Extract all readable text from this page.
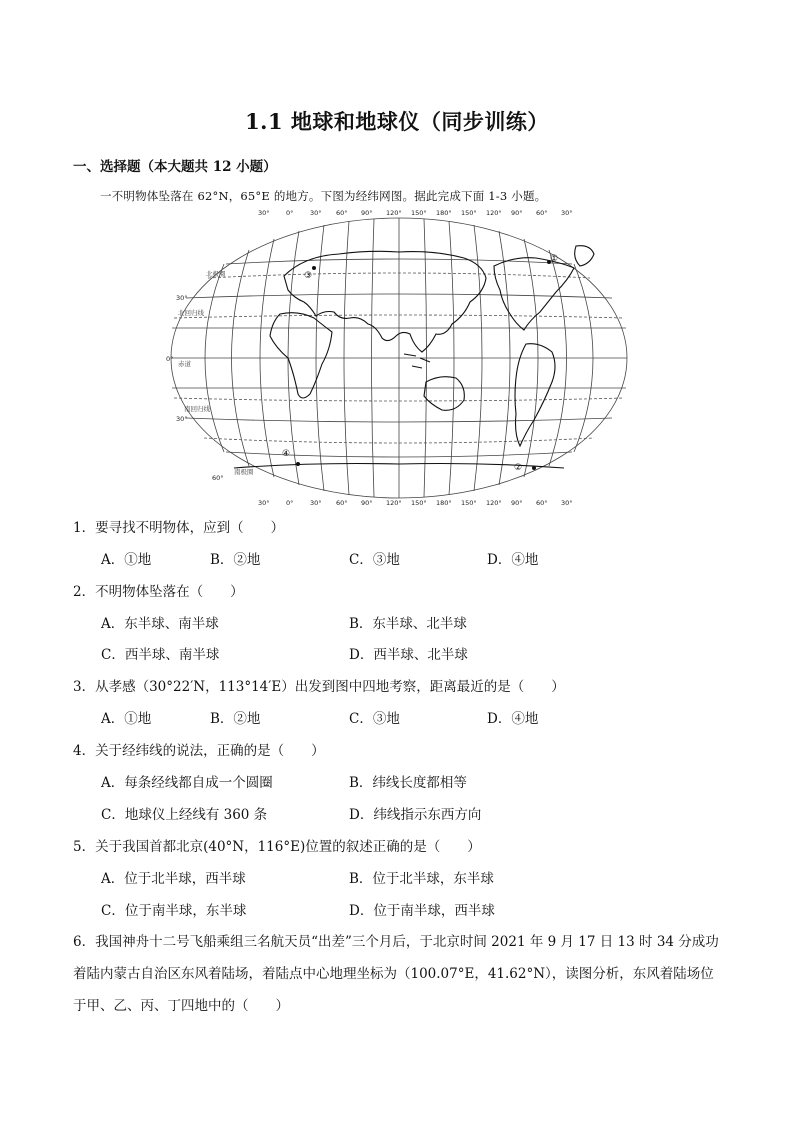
1.1 地球和地球仪（同步训练）
一、选择题（本大题共 12 小题）
一不明物体坠落在 62°N，65°E 的地方。下图为经纬网图。据此完成下面 1-3 小题。
北极圈
北回归线
赤道
南回归线
南极圈
30°	0°	30° 60° 90° 120° 150° 180° 150° 120° 90° 60° 30°
30°	0°	30° 60° 90° 120° 150° 180° 150° 120° 90° 60° 30°
30°
0°
30°
60°
③
①
②
④
1．要寻找不明物体，应到（　　）
A．①地	B．②地	C．③地	D．④地
2．不明物体坠落在（　　）
A．东半球、南半球	B．东半球、北半球
C．西半球、南半球	D．西半球、北半球
3．从孝感（30°22′N，113°14′E）出发到图中四地考察，距离最近的是（　　）
A．①地	B．②地	C．③地	D．④地
4．关于经纬线的说法，正确的是（　　）
A．每条经线都自成一个圆圈	B．纬线长度都相等
C．地球仪上经线有 360 条	D．纬线指示东西方向
5．关于我国首都北京(40°N，116°E)位置的叙述正确的是（　　）
A．位于北半球，西半球	B．位于北半球，东半球
C．位于南半球，东半球	D．位于南半球，西半球
6．我国神舟十二号飞船乘组三名航天员“出差”三个月后，于北京时间 2021 年 9 月 17 日 13 时 34 分成功着陆内蒙古自治区东风着陆场，着陆点中心地理坐标为（100.07°E，41.62°N），读图分析，东风着陆场位于甲、乙、丙、丁四地中的（　　）
